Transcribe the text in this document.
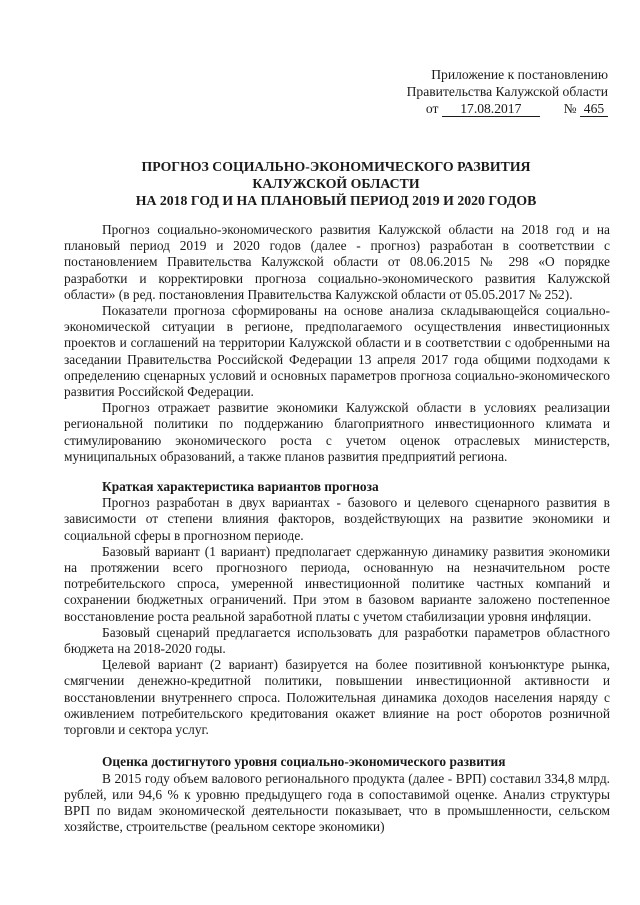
Приложение к постановлению
Правительства Калужской области
от 17.08.2017	№ 465
ПРОГНОЗ СОЦИАЛЬНО-ЭКОНОМИЧЕСКОГО РАЗВИТИЯ
КАЛУЖСКОЙ ОБЛАСТИ
НА 2018 ГОД И НА ПЛАНОВЫЙ ПЕРИОД 2019 И 2020 ГОДОВ

Прогноз социально-экономического развития Калужской области на 2018 год и на плановый период 2019 и 2020 годов (далее - прогноз) разработан в соответствии с постановлением Правительства Калужской области от 08.06.2015 № 298 «О порядке разработки и корректировки прогноза социально-экономического развития Калужской области» (в ред. постановления Правительства Калужской области от 05.05.2017 № 252).

Показатели прогноза сформированы на основе анализа складывающейся социально-экономической ситуации в регионе, предполагаемого осуществления инвестиционных проектов и соглашений на территории Калужской области и в соответствии с одобренными на заседании Правительства Российской Федерации 13 апреля 2017 года общими подходами к определению сценарных условий и основных параметров прогноза социально-экономического развития Российской Федерации.

Прогноз отражает развитие экономики Калужской области в условиях реализации региональной политики по поддержанию благоприятного инвестиционного климата и стимулированию экономического роста с учетом оценок отраслевых министерств, муниципальных образований, а также планов развития предприятий региона.

Краткая характеристика вариантов прогноза

Прогноз разработан в двух вариантах - базового и целевого сценарного развития в зависимости от степени влияния факторов, воздействующих на развитие экономики и социальной сферы в прогнозном периоде.

Базовый вариант (1 вариант) предполагает сдержанную динамику развития экономики на протяжении всего прогнозного периода, основанную на незначительном росте потребительского спроса, умеренной инвестиционной политике частных компаний и сохранении бюджетных ограничений. При этом в базовом варианте заложено постепенное восстановление роста реальной заработной платы с учетом стабилизации уровня инфляции.

Базовый сценарий предлагается использовать для разработки параметров областного бюджета на 2018-2020 годы.

Целевой вариант (2 вариант) базируется на более позитивной конъюнктуре рынка, смягчении денежно-кредитной политики, повышении инвестиционной активности и восстановлении внутреннего спроса. Положительная динамика доходов населения наряду с оживлением потребительского кредитования окажет влияние на рост оборотов розничной торговли и сектора услуг.

Оценка достигнутого уровня социально-экономического развития

В 2015 году объем валового регионального продукта (далее - ВРП) составил 334,8 млрд. рублей, или 94,6 % к уровню предыдущего года в сопоставимой оценке. Анализ структуры ВРП по видам экономической деятельности показывает, что в промышленности, сельском хозяйстве, строительстве (реальном секторе экономики)
